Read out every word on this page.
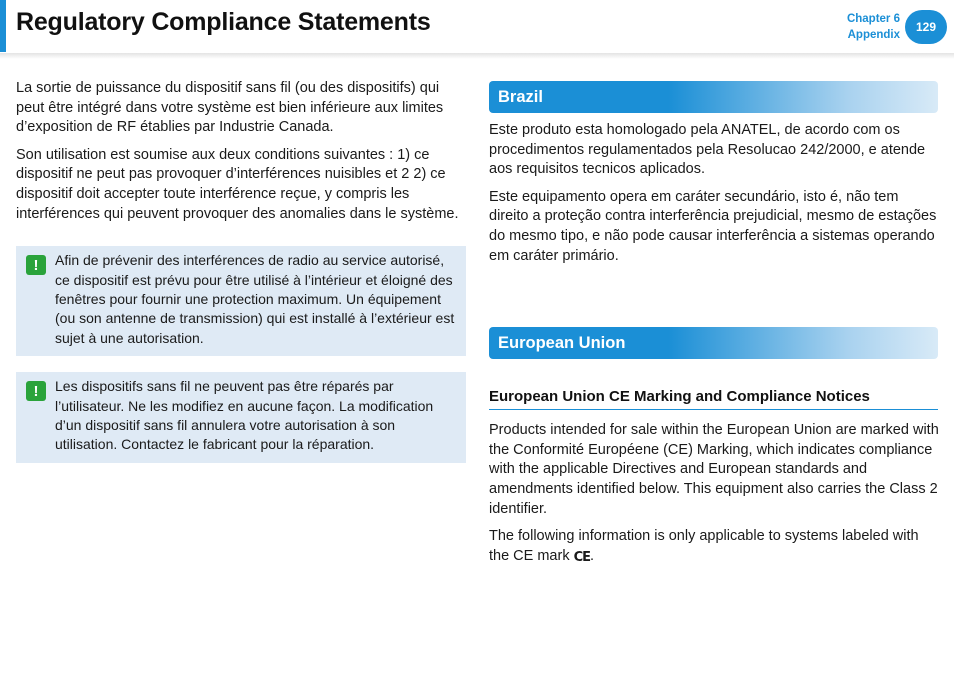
Regulatory Compliance Statements	Chapter 6
Appendix
129

La sortie de puissance du dispositif sans fil (ou des dispositifs) qui peut être intégré dans votre système est bien inférieure aux limites d’exposition de RF établies par Industrie Canada.

Son utilisation est soumise aux deux conditions suivantes : 1) ce dispositif ne peut pas provoquer d’interférences nuisibles et 2 2) ce dispositif doit accepter toute interférence reçue, y compris les interférences qui peuvent provoquer des anomalies dans le système.

!	Afin de prévenir des interférences de radio au service autorisé, ce dispositif est prévu pour être utilisé à l’intérieur et éloigné des fenêtres pour fournir une protection maximum. Un équipement (ou son antenne de transmission) qui est installé à l’extérieur est sujet à une autorisation.

!	Les dispositifs sans fil ne peuvent pas être réparés par l’utilisateur. Ne les modifiez en aucune façon. La modification d’un dispositif sans fil annulera votre autorisation à son utilisation. Contactez le fabricant pour la réparation.

Brazil

Este produto esta homologado pela ANATEL, de acordo com os procedimentos regulamentados pela Resolucao 242/2000, e atende aos requisitos tecnicos aplicados.

Este equipamento opera em caráter secundário, isto é, não tem direito a proteção contra interferência prejudicial, mesmo de estações do mesmo tipo, e não pode causar interferência a sistemas operando em caráter primário.

European Union
European Union CE Marking and Compliance Notices

Products intended for sale within the European Union are marked with the Conformité Européene (CE) Marking, which indicates compliance with the applicable Directives and European standards and amendments identified below. This equipment also carries the Class 2 identifier.

The following information is only applicable to systems labeled with the CE mark CE.
